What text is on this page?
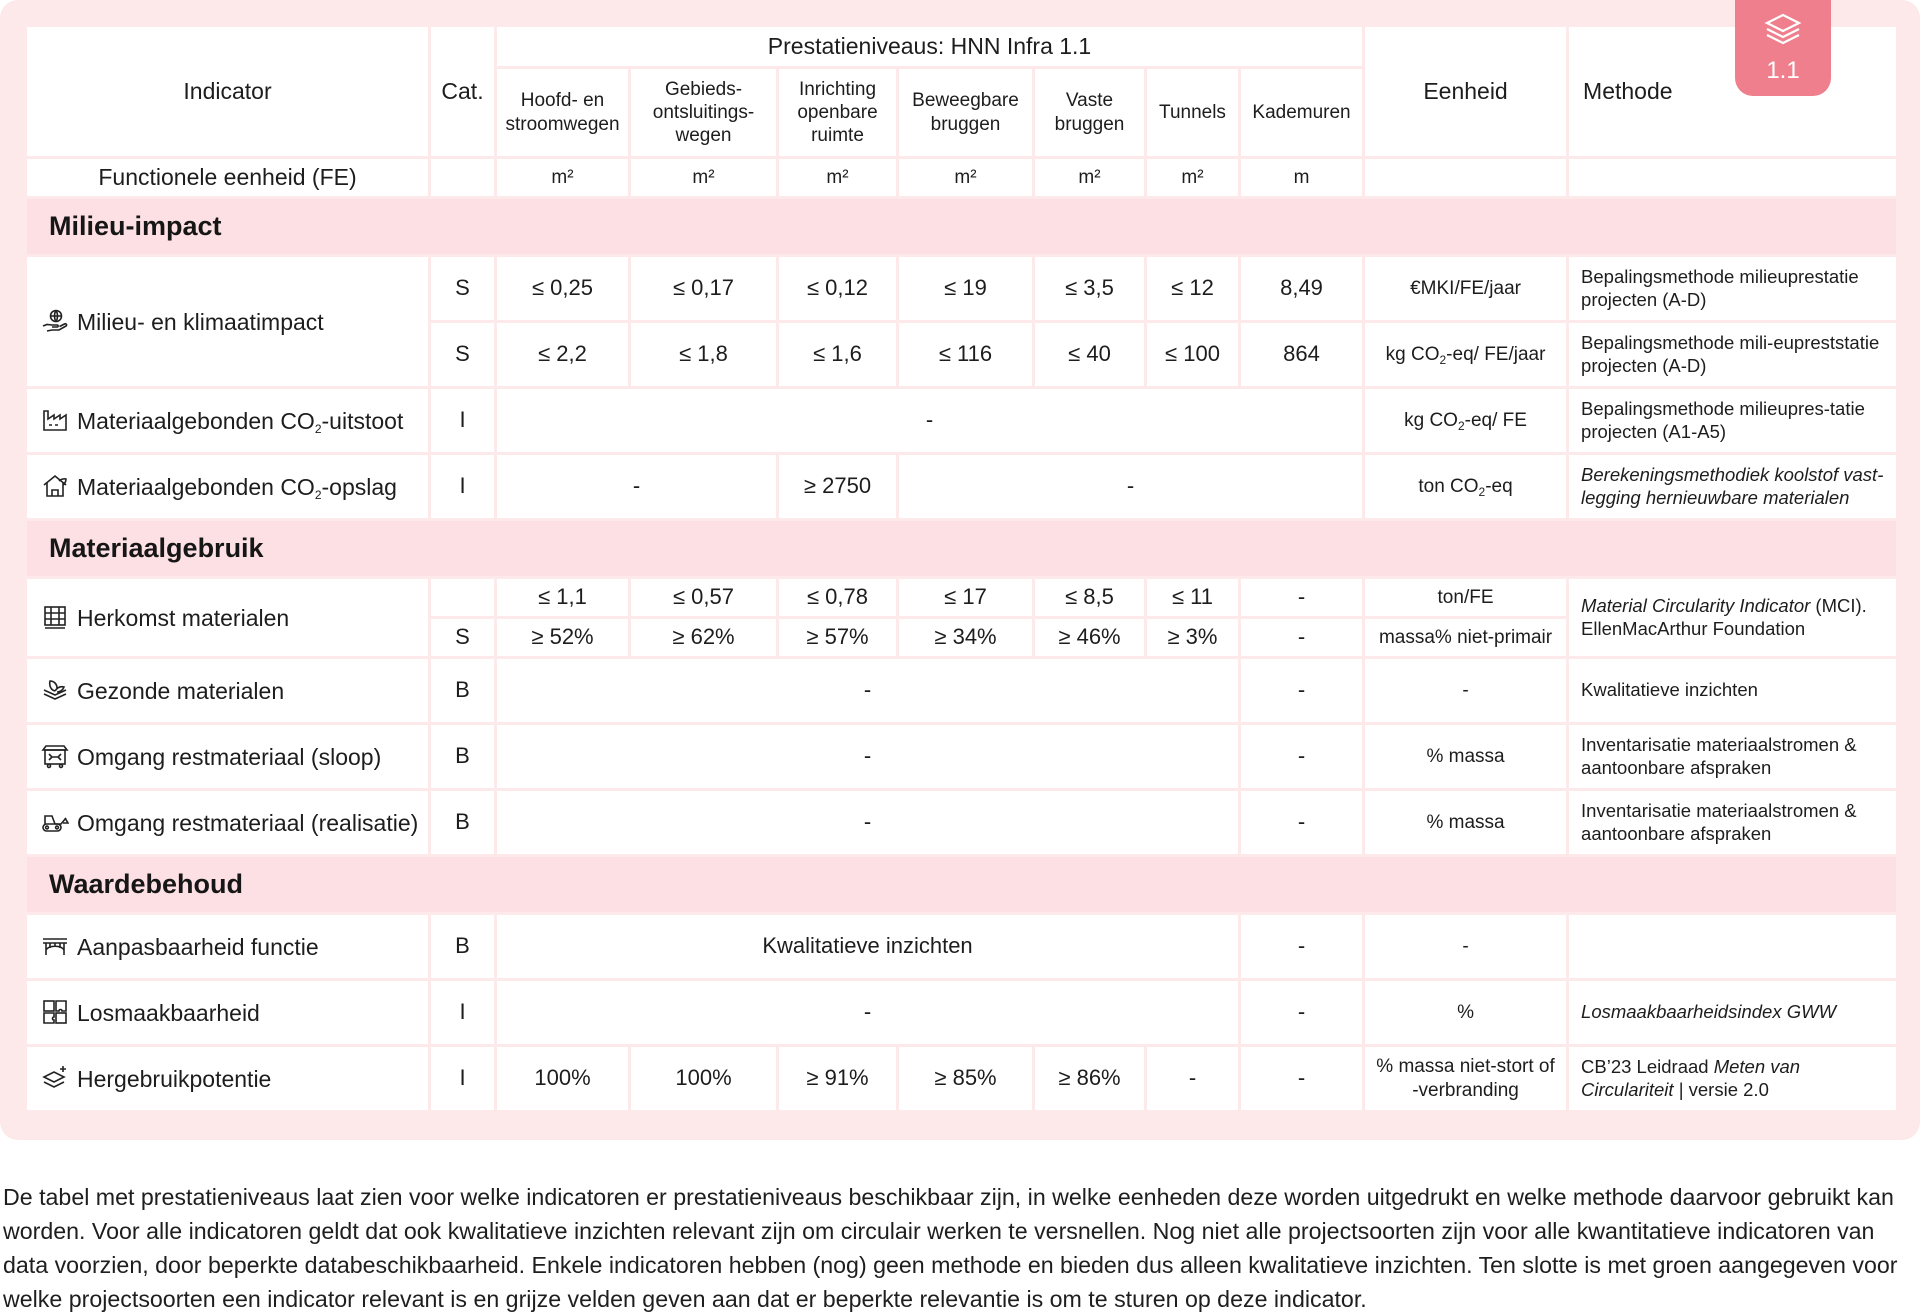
Indicator	Cat.	Prestatieniveaus: HNN Infra 1.1							Eenheid	Methode
		Hoofd- en stroomwegen	Gebieds-ontsluitings-wegen	Inrichting openbare ruimte	Beweegbare bruggen	Vaste bruggen	Tunnels	Kademuren		
Functionele eenheid (FE)		m²	m²	m²	m²	m²	m²	m		
Milieu-impact										

Milieu- en klimaatimpact	S	≤ 0,25	≤ 0,17	≤ 0,12	≤ 19	≤ 3,5	≤ 12	8,49	€MKI/FE/jaar	Bepalingsmethode milieuprestatie projecten (A-D)
	S	≤ 2,2	≤ 1,8	≤ 1,6	≤ 116	≤ 40	≤ 100	864	kg $CO_2-eq/$ FE/jaar	Bepalingsmethode mili-eupreststatie projecten (A-D)

Materiaalgebonden $CO_2$-uitstoot	I	-							kg $CO_2-eq/$ FE	Bepalingsmethode milieupres-tatie projecten (A1-A5)

Materiaalgebonden $CO_2$-opslag	I	-		≥ 2750	-				ton $CO_2-eq$	Berekeningsmethodiek koolstof vast-legging hernieuwbare materialen
Materiaalgebruik										

Herkomst materialen		≤ 1,1	≤ 0,57	≤ 0,78	≤ 17	≤ 8,5	≤ 11	-	ton/FE	Material Circularity Indicator (MCI). EllenMacArthur Foundation
	S	≥ 52%	≥ 62%	≥ 57%	≥ 34%	≥ 46%	≥ 3%	-	massa% niet-primair	

Gezonde materialen	B	-						-	-	Kwalitatieve inzichten

Omgang restmateriaal (sloop)	B	-						-	% massa	Inventarisatie materiaalstromen & aantoonbare afspraken

Omgang restmateriaal (realisatie)	B	-						-	% massa	Inventarisatie materiaalstromen & aantoonbare afspraken
Waardebehoud										

Aanpasbaarheid functie	B	Kwalitatieve inzichten						-	-	

Losmaakbaarheid	I	-						-	%	Losmaakbaarheidsindex GWW

Hergebruikpotentie	I	100%	100%	≥ 91%	≥ 85%	≥ 86%	-	-	% massa niet-stort of -verbranding	CB’23 Leidraad Meten van Circulariteit | versie 2.0
1.1

De tabel met prestatieniveaus laat zien voor welke indicatoren er prestatieniveaus beschikbaar zijn, in welke eenheden deze worden uitgedrukt en welke methode daarvoor gebruikt kan worden. Voor alle indicatoren geldt dat ook kwalitatieve inzichten relevant zijn om circulair werken te versnellen. Nog niet alle projectsoorten zijn voor alle kwantitatieve indicatoren van data voorzien, door beperkte databeschikbaarheid. Enkele indicatoren hebben (nog) geen methode en bieden dus alleen kwalitatieve inzichten. Ten slotte is met groen aangegeven voor welke projectsoorten een indicator relevant is en grijze velden geven aan dat er beperkte relevantie is om te sturen op deze indicator.
